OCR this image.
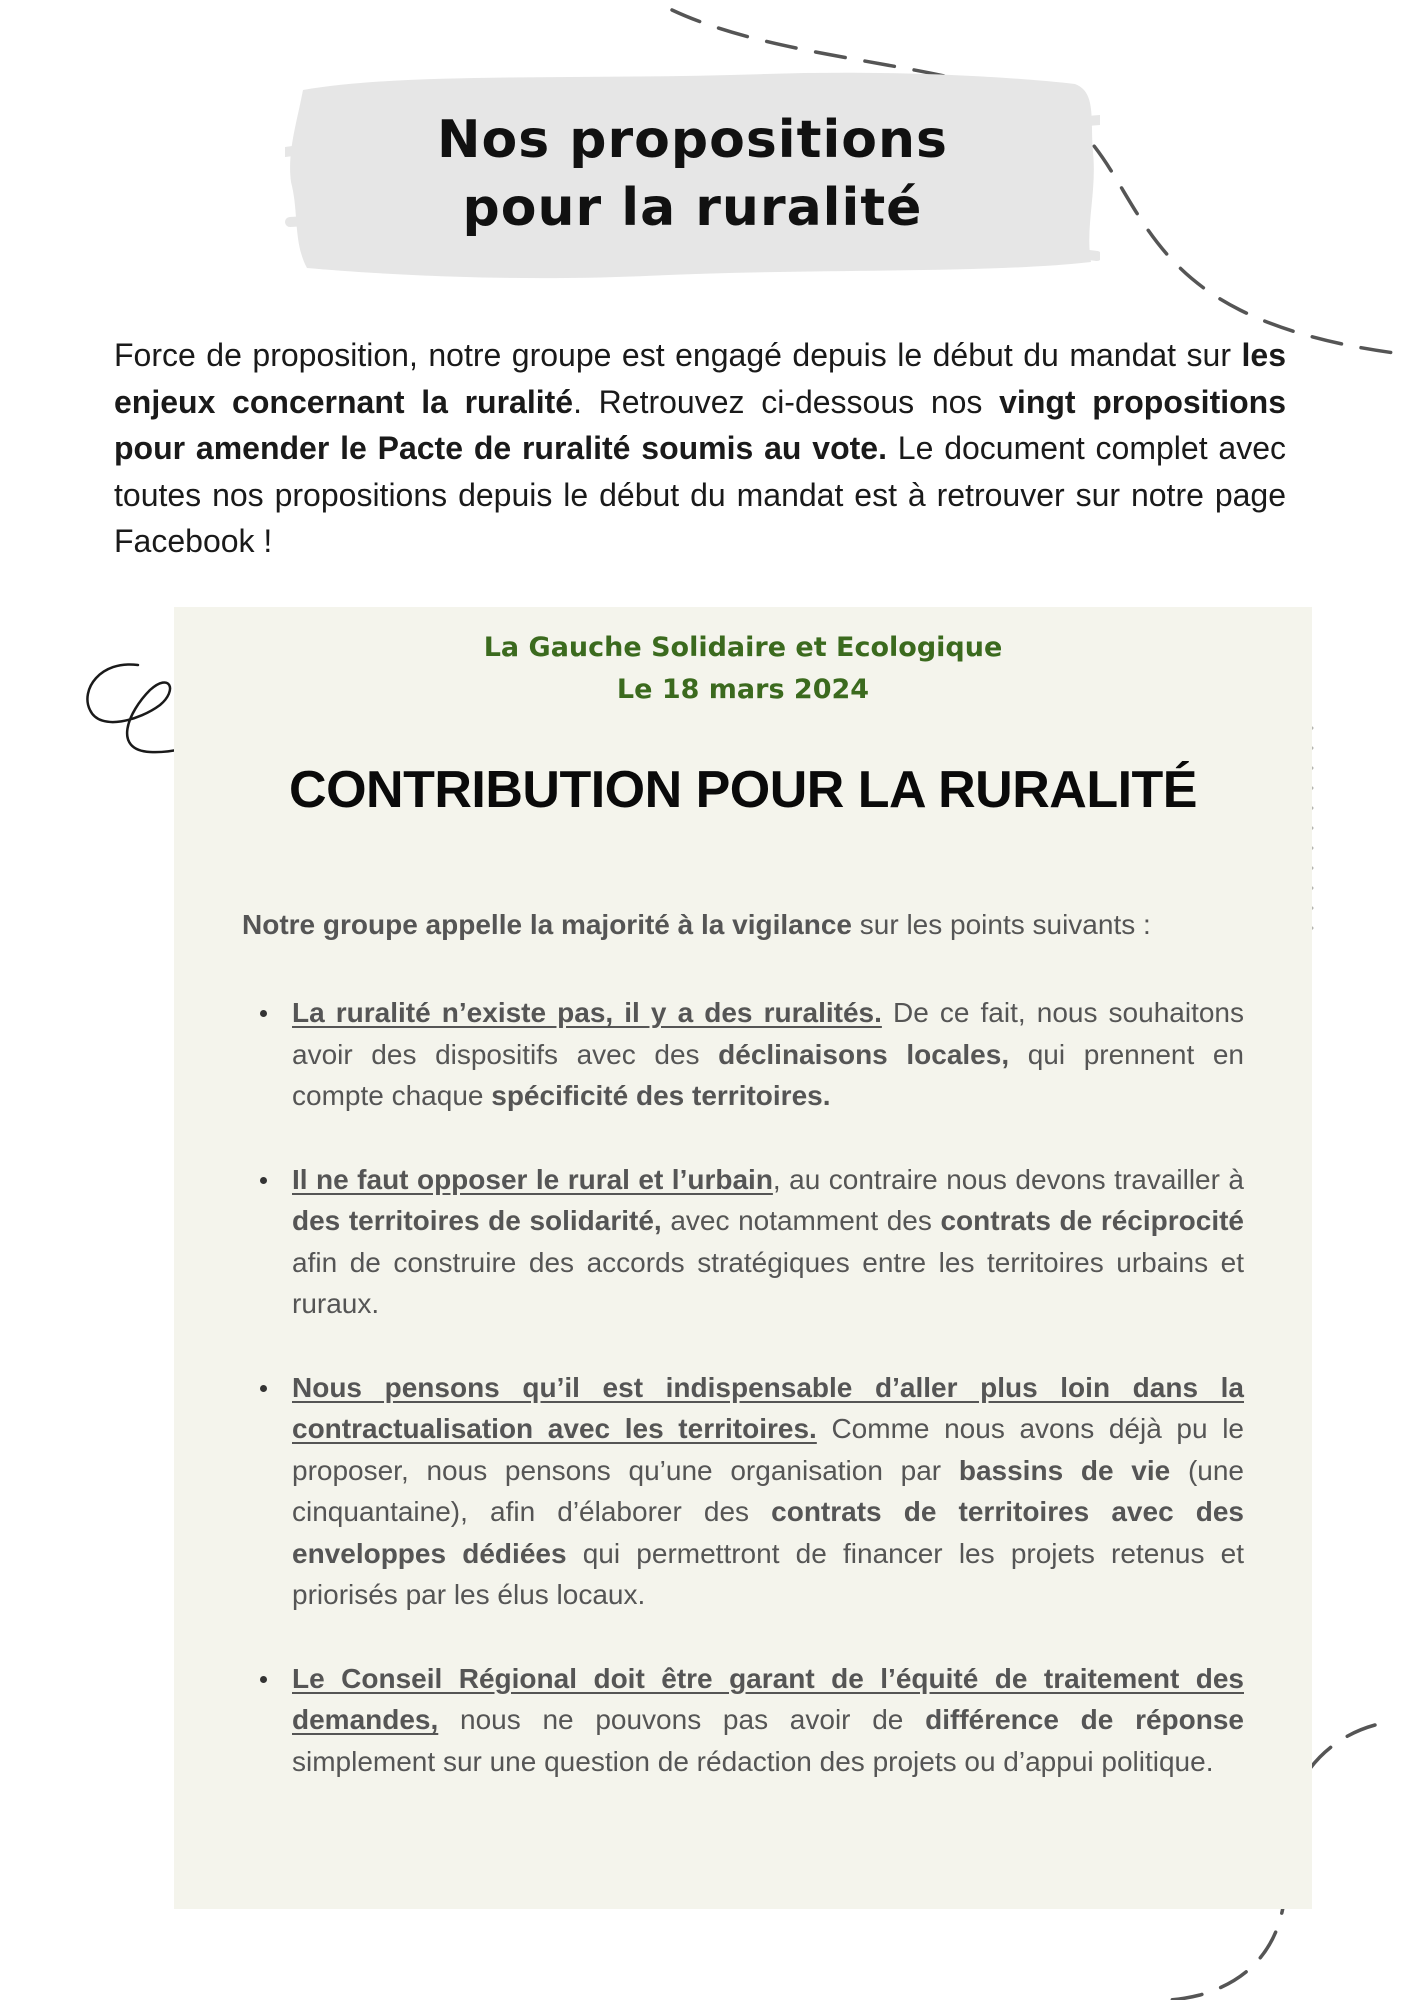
Nos propositions
pour la ruralité

Force de proposition, notre groupe est engagé depuis le début du mandat sur les enjeux concernant la ruralité. Retrouvez ci-dessous nos vingt propositions pour amender le Pacte de ruralité soumis au vote. Le document complet avec toutes nos propositions depuis le début du mandat est à retrouver sur notre page Facebook !

La Gauche Solidaire et Ecologique
Le 18 mars 2024
CONTRIBUTION POUR LA RURALITÉ

Notre groupe appelle la majorité à la vigilance sur les points suivants :

La ruralité n’existe pas, il y a des ruralités. De ce fait, nous souhaitons avoir des dispositifs avec des déclinaisons locales, qui prennent en compte chaque spécificité des territoires.
Il ne faut opposer le rural et l’urbain, au contraire nous devons travailler à des territoires de solidarité, avec notamment des contrats de réciprocité afin de construire des accords stratégiques entre les territoires urbains et ruraux.
Nous pensons qu’il est indispensable d’aller plus loin dans la contractualisation avec les territoires. Comme nous avons déjà pu le proposer, nous pensons qu’une organisation par bassins de vie (une cinquantaine), afin d’élaborer des contrats de territoires avec des enveloppes dédiées qui permettront de financer les projets retenus et priorisés par les élus locaux.
Le Conseil Régional doit être garant de l’équité de traitement des demandes, nous ne pouvons pas avoir de différence de réponse simplement sur une question de rédaction des projets ou d’appui politique.
